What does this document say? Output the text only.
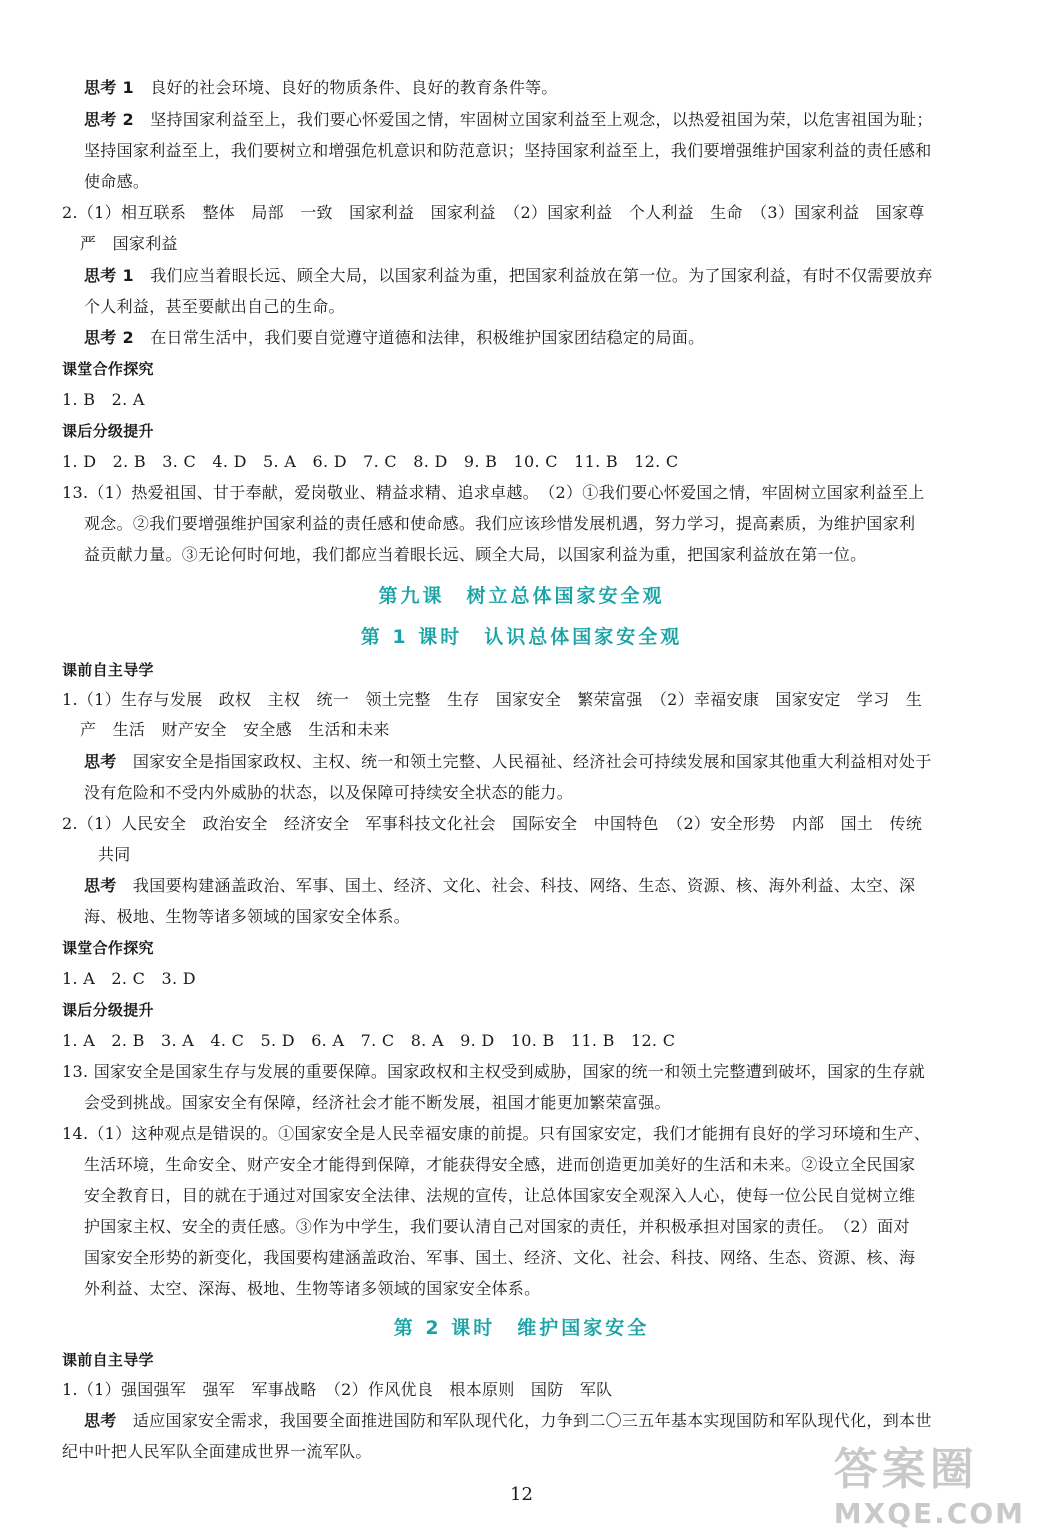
思考 1　 良好的社会环境、良好的物质条件、良好的教育条件等。
思考 2　 坚持国家利益至上，我们要心怀爱国之情，牢固树立国家利益至上观念，以热爱祖国为荣，以危害祖国为耻；
坚持国家利益至上，我们要树立和增强危机意识和防范意识；坚持国家利益至上，我们要增强维护国家利益的责任感和
使命感。
2.（1）相互联系　整体　局部　一致　国家利益　国家利益　（2）国家利益　个人利益　生命　（3）国家利益　国家尊
严　国家利益
思考 1　 我们应当着眼长远、顾全大局，以国家利益为重，把国家利益放在第一位。为了国家利益，有时不仅需要放弃
个人利益，甚至要献出自己的生命。
思考 2　 在日常生活中，我们要自觉遵守道德和法律，积极维护国家团结稳定的局面。
课堂合作探究
1. B　2. A
课后分级提升
1. D　2. B　3. C　4. D　5. A　6. D　7. C　8. D　9. B　10. C　11. B　12. C
13.（1）热爱祖国、甘于奉献，爱岗敬业、精益求精、追求卓越。　（2）①我们要心怀爱国之情，牢固树立国家利益至上
观念。②我们要增强维护国家利益的责任感和使命感。我们应该珍惜发展机遇，努力学习，提高素质，为维护国家利
益贡献力量。③无论何时何地，我们都应当着眼长远、顾全大局，以国家利益为重，把国家利益放在第一位。
第九课　树立总体国家安全观
第 1 课时　认识总体国家安全观
课前自主导学
1.（1）生存与发展　政权　主权　统一　领土完整　生存　国家安全　繁荣富强　（2）幸福安康　国家安定　学习　生
产　生活　财产安全　安全感　生活和未来
思考　 国家安全是指国家政权、主权、统一和领土完整、人民福祉、经济社会可持续发展和国家其他重大利益相对处于
没有危险和不受内外威胁的状态，以及保障可持续安全状态的能力。
2.（1）人民安全　政治安全　经济安全　军事科技文化社会　国际安全　中国特色　（2）安全形势　内部　国土　传统
共同
思考　 我国要构建涵盖政治、军事、国土、经济、文化、社会、科技、网络、生态、资源、核、海外利益、太空、深
海、极地、生物等诸多领域的国家安全体系。
课堂合作探究
1. A　2. C　3. D
课后分级提升
1. A　2. B　3. A　4. C　5. D　6. A　7. C　8. A　9. D　10. B　11. B　12. C
13. 国家安全是国家生存与发展的重要保障。国家政权和主权受到威胁，国家的统一和领土完整遭到破坏，国家的生存就
会受到挑战。国家安全有保障，经济社会才能不断发展，祖国才能更加繁荣富强。
14.（1）这种观点是错误的。①国家安全是人民幸福安康的前提。只有国家安定，我们才能拥有良好的学习环境和生产、
生活环境，生命安全、财产安全才能得到保障，才能获得安全感，进而创造更加美好的生活和未来。②设立全民国家
安全教育日，目的就在于通过对国家安全法律、法规的宣传，让总体国家安全观深入人心，使每一位公民自觉树立维
护国家主权、安全的责任感。③作为中学生，我们要认清自己对国家的责任，并积极承担对国家的责任。　（2）面对
国家安全形势的新变化，我国要构建涵盖政治、军事、国土、经济、文化、社会、科技、网络、生态、资源、核、海
外利益、太空、深海、极地、生物等诸多领域的国家安全体系。
第 2 课时　维护国家安全
课前自主导学
1.（1）强国强军　强军　军事战略　（2）作风优良　根本原则　国防　军队
思考　 适应国家安全需求，我国要全面推进国防和军队现代化，力争到二〇三五年基本实现国防和军队现代化，到本世
纪中叶把人民军队全面建成世界一流军队。
12	答案圈
MXQE.COM
